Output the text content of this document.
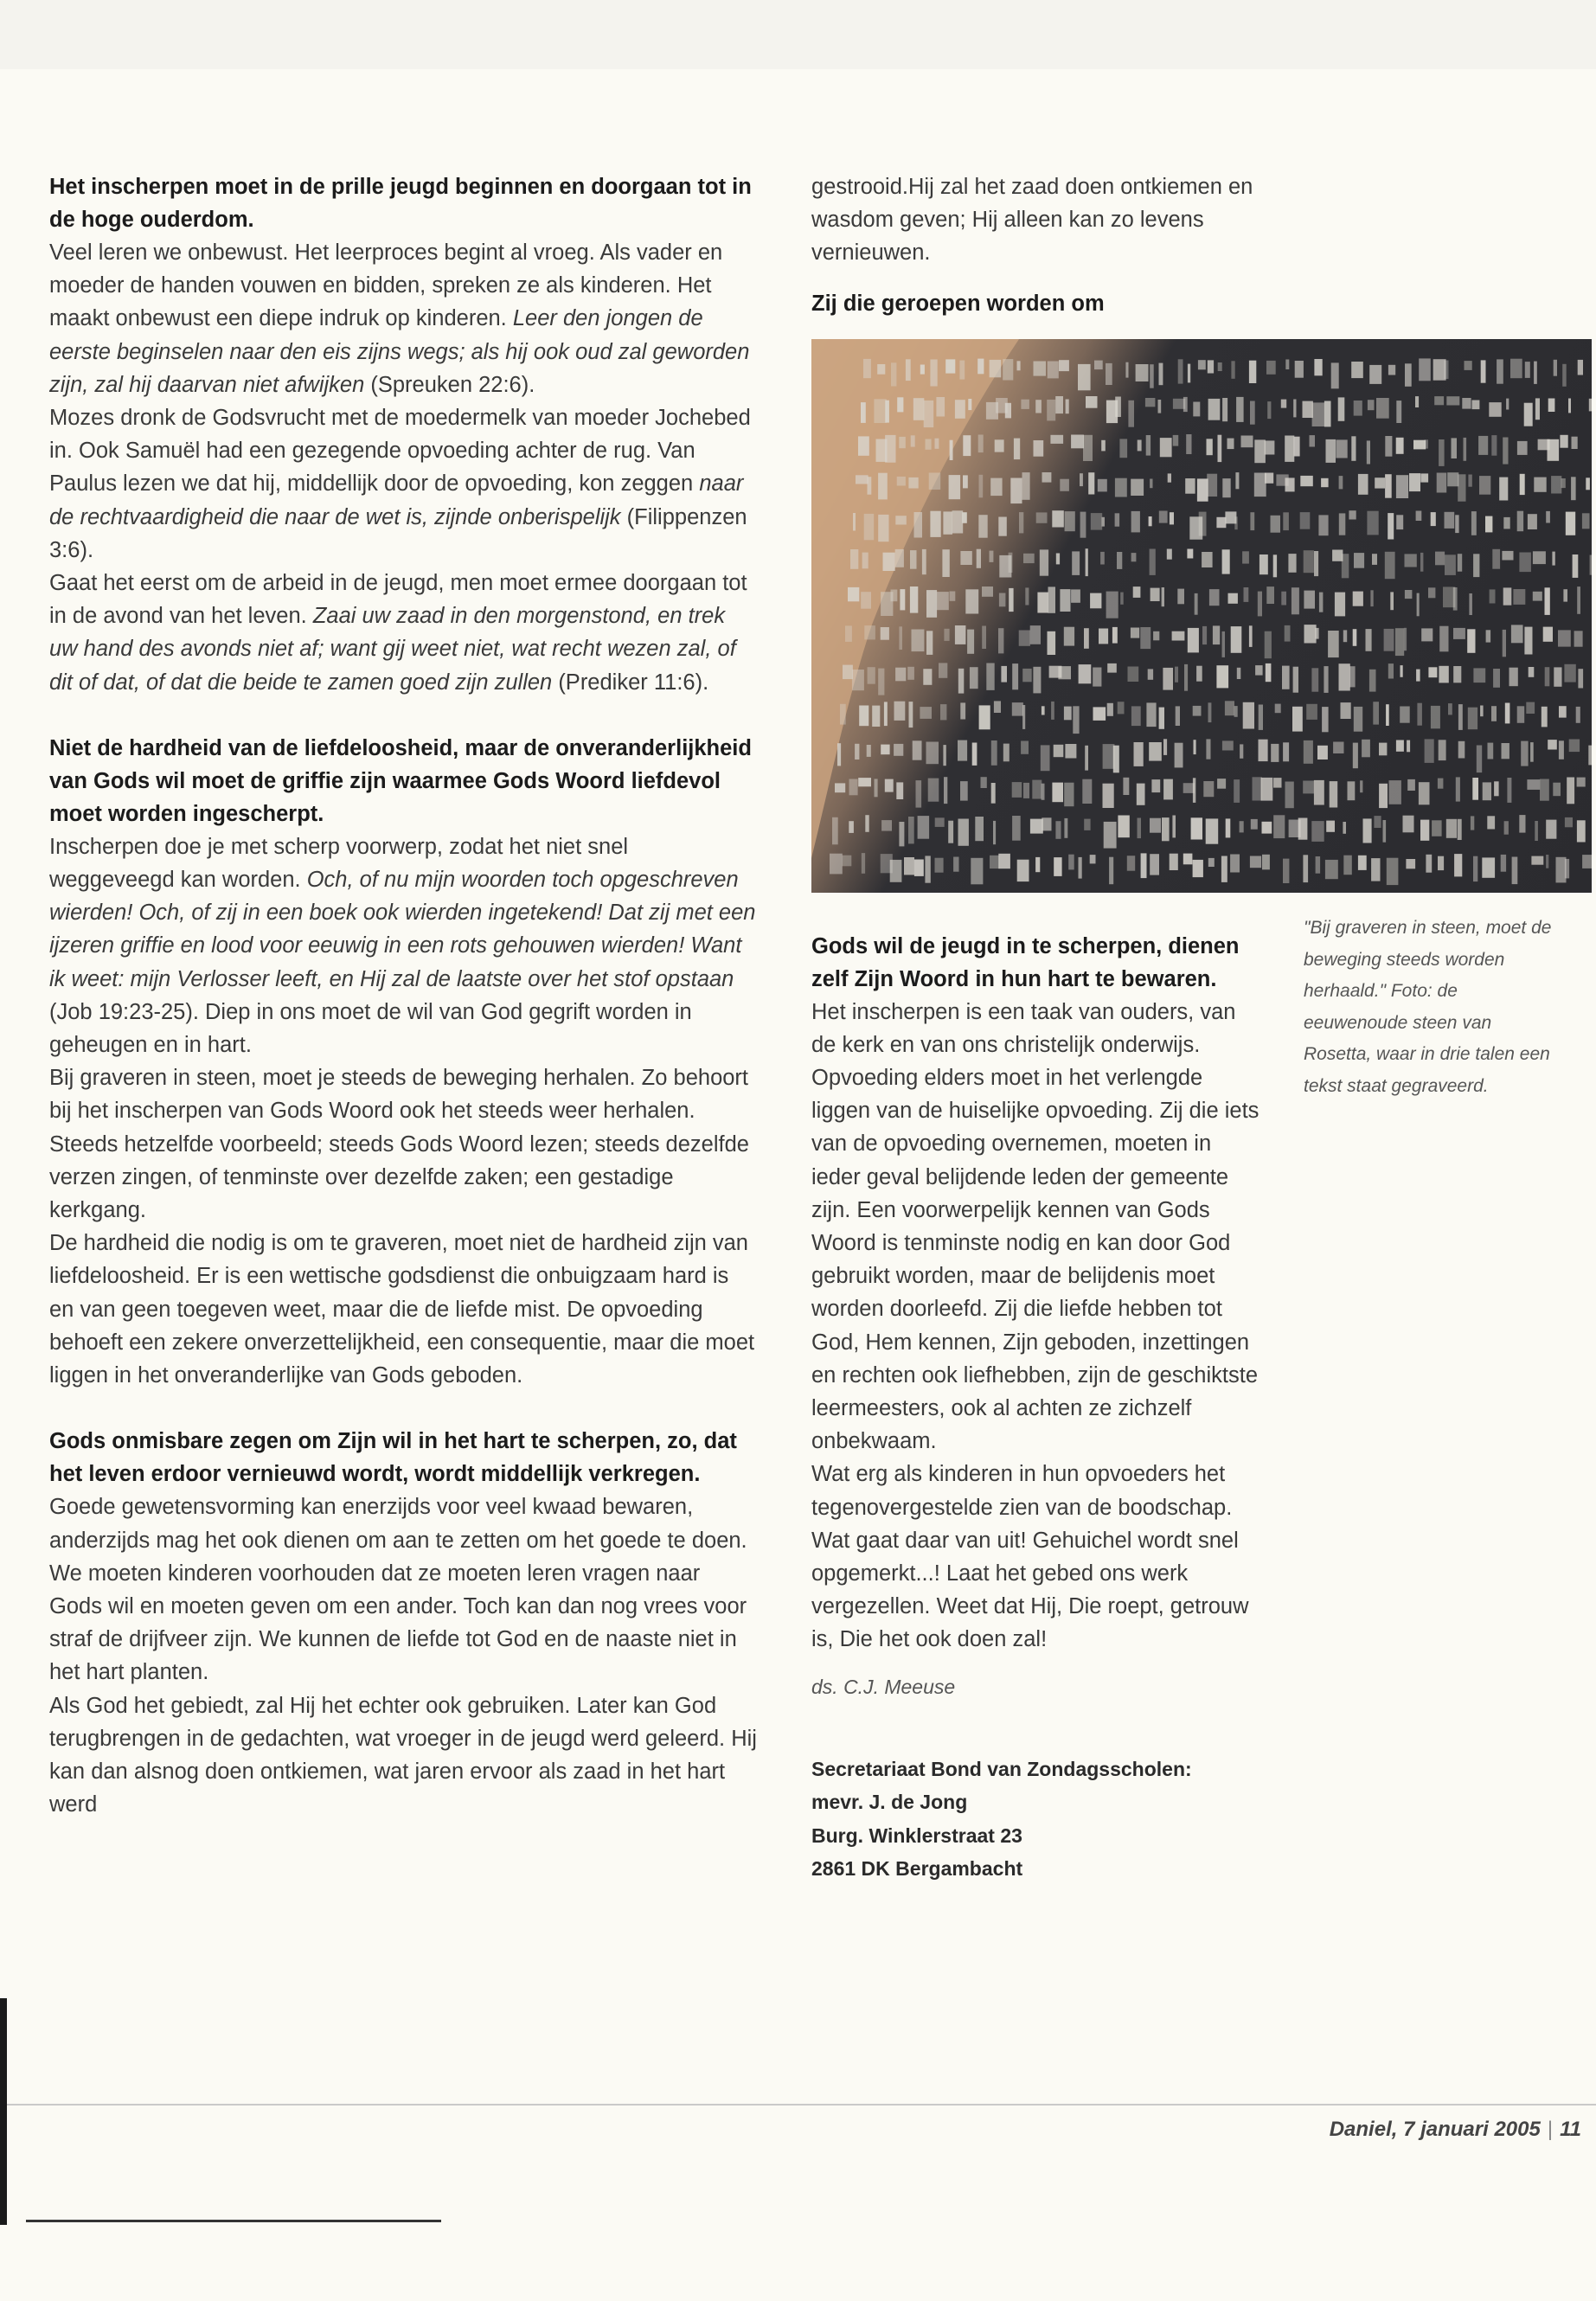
Het inscherpen moet in de prille jeugd beginnen en doorgaan tot in de hoge ouderdom.

Veel leren we onbewust. Het leerproces begint al vroeg. Als vader en moeder de handen vouwen en bidden, spreken ze als kinderen. Het maakt onbewust een diepe indruk op kinderen. Leer den jongen de eerste beginselen naar den eis zijns wegs; als hij ook oud zal geworden zijn, zal hij daarvan niet afwijken (Spreuken 22:6).

Mozes dronk de Godsvrucht met de moedermelk van moeder Jochebed in. Ook Samuël had een gezegende opvoeding achter de rug. Van Paulus lezen we dat hij, middellijk door de opvoeding, kon zeggen naar de rechtvaardigheid die naar de wet is, zijnde onberispelijk (Filippenzen 3:6).

Gaat het eerst om de arbeid in de jeugd, men moet ermee doorgaan tot in de avond van het leven. Zaai uw zaad in den morgenstond, en trek uw hand des avonds niet af; want gij weet niet, wat recht wezen zal, of dit of dat, of dat die beide te zamen goed zijn zullen (Prediker 11:6).

Niet de hardheid van de liefdeloosheid, maar de onveranderlijkheid van Gods wil moet de griffie zijn waarmee Gods Woord liefdevol moet worden ingescherpt.

Inscherpen doe je met scherp voorwerp, zodat het niet snel weggeveegd kan worden. Och, of nu mijn woorden toch opgeschreven wierden! Och, of zij in een boek ook wierden ingetekend! Dat zij met een ijzeren griffie en lood voor eeuwig in een rots gehouwen wierden! Want ik weet: mijn Verlosser leeft, en Hij zal de laatste over het stof opstaan (Job 19:23-25). Diep in ons moet de wil van God gegrift worden in geheugen en in hart.

Bij graveren in steen, moet je steeds de beweging herhalen. Zo behoort bij het inscherpen van Gods Woord ook het steeds weer herhalen. Steeds hetzelfde voorbeeld; steeds Gods Woord lezen; steeds dezelfde verzen zingen, of tenminste over dezelfde zaken; een gestadige kerkgang.

De hardheid die nodig is om te graveren, moet niet de hardheid zijn van liefdeloosheid. Er is een wettische godsdienst die onbuigzaam hard is en van geen toegeven weet, maar die de liefde mist. De opvoeding behoeft een zekere onverzettelijkheid, een consequentie, maar die moet liggen in het onveranderlijke van Gods geboden.

Gods onmisbare zegen om Zijn wil in het hart te scherpen, zo, dat het leven erdoor vernieuwd wordt, wordt middellijk verkregen.

Goede gewetensvorming kan enerzijds voor veel kwaad bewaren, anderzijds mag het ook dienen om aan te zetten om het goede te doen. We moeten kinderen voorhouden dat ze moeten leren vragen naar Gods wil en moeten geven om een ander. Toch kan dan nog vrees voor straf de drijfveer zijn. We kunnen de liefde tot God en de naaste niet in het hart planten.

Als God het gebiedt, zal Hij het echter ook gebruiken. Later kan God terugbrengen in de gedachten, wat vroeger in de jeugd werd geleerd. Hij kan dan alsnog doen ontkiemen, wat jaren ervoor als zaad in het hart werd

gestrooid.Hij zal het zaad doen ontkiemen en wasdom geven; Hij alleen kan zo levens vernieuwen.

Zij die geroepen worden om

Gods wil de jeugd in te scherpen, dienen zelf Zijn Woord in hun hart te bewaren.

Het inscherpen is een taak van ouders, van de kerk en van ons christelijk onderwijs. Opvoeding elders moet in het verlengde liggen van de huiselijke opvoeding. Zij die iets van de opvoeding overnemen, moeten in ieder geval belijdende leden der gemeente zijn. Een voorwerpelijk kennen van Gods Woord is tenminste nodig en kan door God gebruikt worden, maar de belijdenis moet worden doorleefd. Zij die liefde hebben tot God, Hem kennen, Zijn geboden, inzettingen en rechten ook liefhebben, zijn de geschiktste leermeesters, ook al achten ze zichzelf onbekwaam.

Wat erg als kinderen in hun opvoeders het tegenovergestelde zien van de boodschap. Wat gaat daar van uit! Gehuichel wordt snel opgemerkt...! Laat het gebed ons werk vergezellen. Weet dat Hij, Die roept, getrouw is, Die het ook doen zal!

ds. C.J. Meeuse
Secretariaat Bond van Zondagsscholen:
mevr. J. de Jong
Burg. Winklerstraat 23
2861 DK Bergambacht
"Bij graveren in steen, moet de beweging steeds worden herhaald." Foto: de eeuwenoude steen van Rosetta, waar in drie talen een tekst staat gegraveerd.
Daniel, 7 januari 2005 | 11
